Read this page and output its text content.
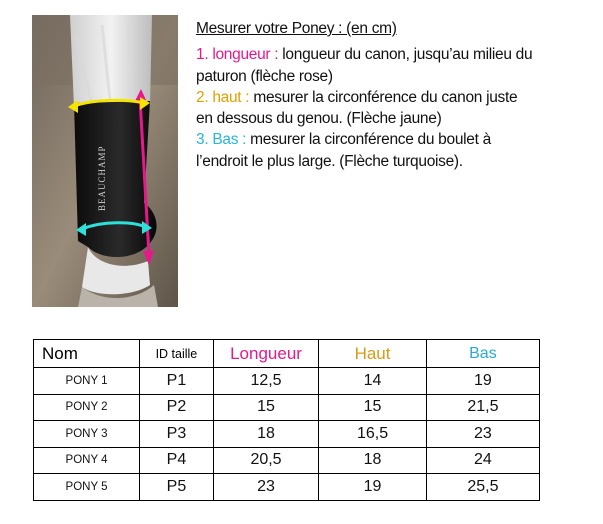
BEAUCHAMP
Mesurer votre Poney : (en cm)

1. longueur : longueur du canon, jusqu’au milieu du paturon (flèche rose)

2. haut : mesurer la circonférence du canon juste en dessous du genou. (Flèche jaune)

3. Bas : mesurer la circonférence du boulet à l’endroit le plus large. (Flèche turquoise).

Nom	ID taille	Longueur	Haut	Bas
PONY 1	P1	12,5	14	19
PONY 2	P2	15	15	21,5
PONY 3	P3	18	16,5	23
PONY 4	P4	20,5	18	24
PONY 5	P5	23	19	25,5
